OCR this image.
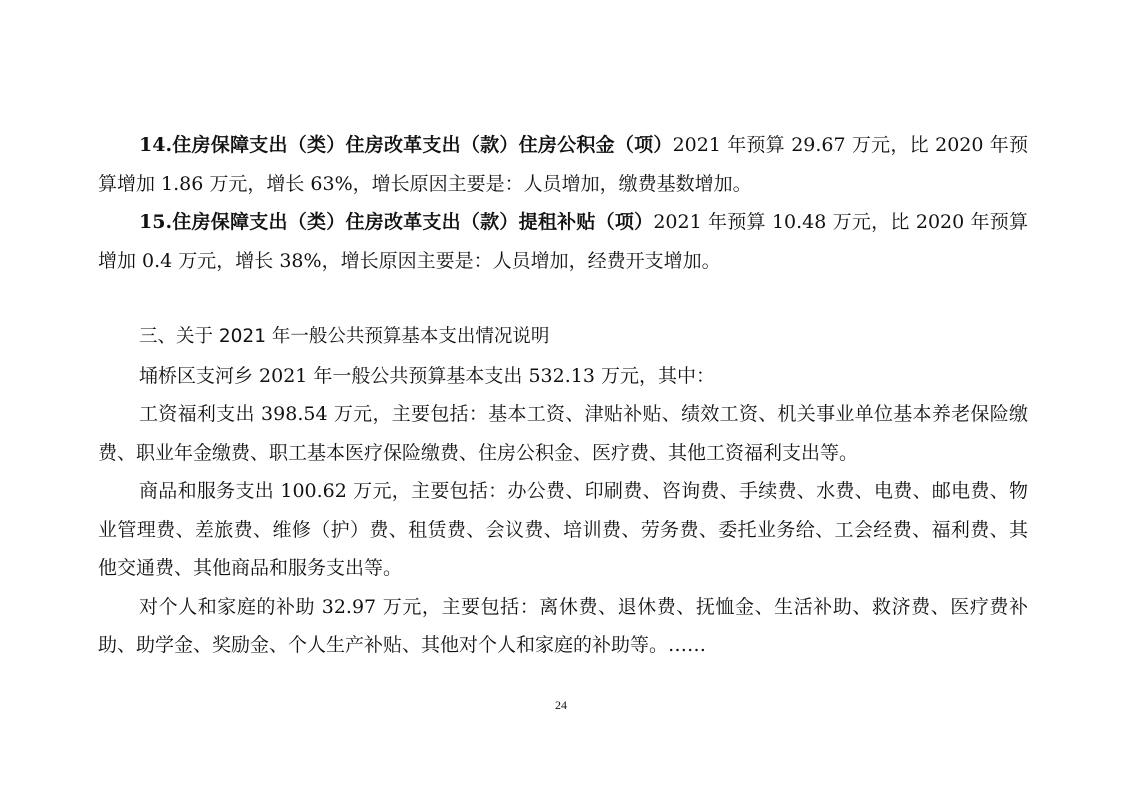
14.住房保障支出（类）住房改革支出（款）住房公积金（项）2021 年预算 29.67 万元，比 2020 年预算增加 1.86 万元，增长 63%，增长原因主要是：人员增加，缴费基数增加。

15.住房保障支出（类）住房改革支出（款）提租补贴（项）2021 年预算 10.48 万元，比 2020 年预算增加 0.4 万元，增长 38%，增长原因主要是：人员增加，经费开支增加。

三、关于 2021 年一般公共预算基本支出情况说明

埇桥区支河乡 2021 年一般公共预算基本支出 532.13 万元，其中：

工资福利支出 398.54 万元，主要包括：基本工资、津贴补贴、绩效工资、机关事业单位基本养老保险缴费、职业年金缴费、职工基本医疗保险缴费、住房公积金、医疗费、其他工资福利支出等。

商品和服务支出 100.62 万元，主要包括：办公费、印刷费、咨询费、手续费、水费、电费、邮电费、物业管理费、差旅费、维修（护）费、租赁费、会议费、培训费、劳务费、委托业务给、工会经费、福利费、其他交通费、其他商品和服务支出等。

对个人和家庭的补助 32.97 万元，主要包括：离休费、退休费、抚恤金、生活补助、救济费、医疗费补助、助学金、奖励金、个人生产补贴、其他对个人和家庭的补助等。……

24
